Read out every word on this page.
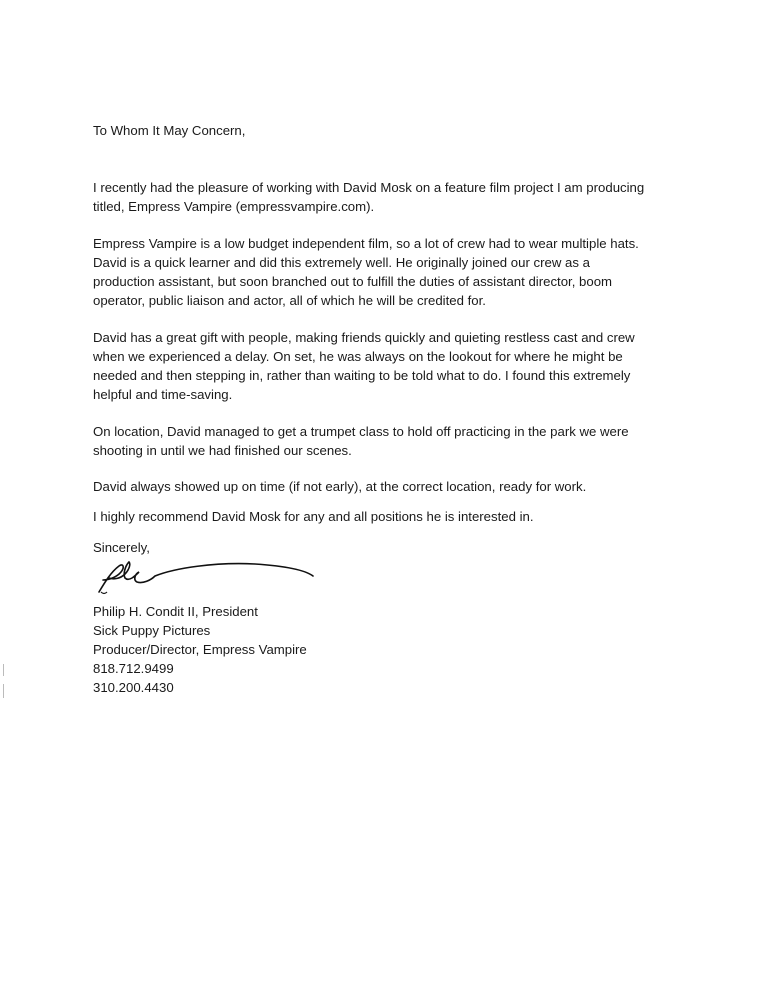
To Whom It May Concern,
I recently had the pleasure of working with David Mosk on a feature film project I am producing
titled, Empress Vampire (empressvampire.com).
Empress Vampire is a low budget independent film, so a lot of crew had to wear multiple hats.
David is a quick learner and did this extremely well. He originally joined our crew as a
production assistant, but soon branched out to fulfill the duties of assistant director, boom
operator, public liaison and actor, all of which he will be credited for.
David has a great gift with people, making friends quickly and quieting restless cast and crew
when we experienced a delay. On set, he was always on the lookout for where he might be
needed and then stepping in, rather than waiting to be told what to do. I found this extremely
helpful and time-saving.
On location, David managed to get a trumpet class to hold off practicing in the park we were
shooting in until we had finished our scenes.
David always showed up on time (if not early), at the correct location, ready for work.
I highly recommend David Mosk for any and all positions he is interested in.
Sincerely,
Philip H. Condit II, President
Sick Puppy Pictures
Producer/Director, Empress Vampire
818.712.9499
310.200.4430
